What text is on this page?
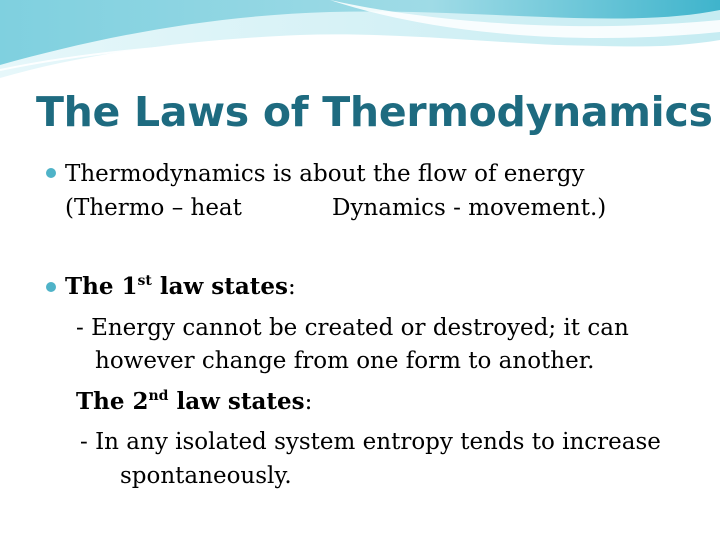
The Laws of Thermodynamics
Thermodynamics is about the flow of energy
(Thermo – heat	Dynamics - movement.)
The 1st law states:
- Energy cannot be created or destroyed; it can
however change from one form to another.
The 2nd law states:
- In any isolated system entropy tends to increase
spontaneously.
